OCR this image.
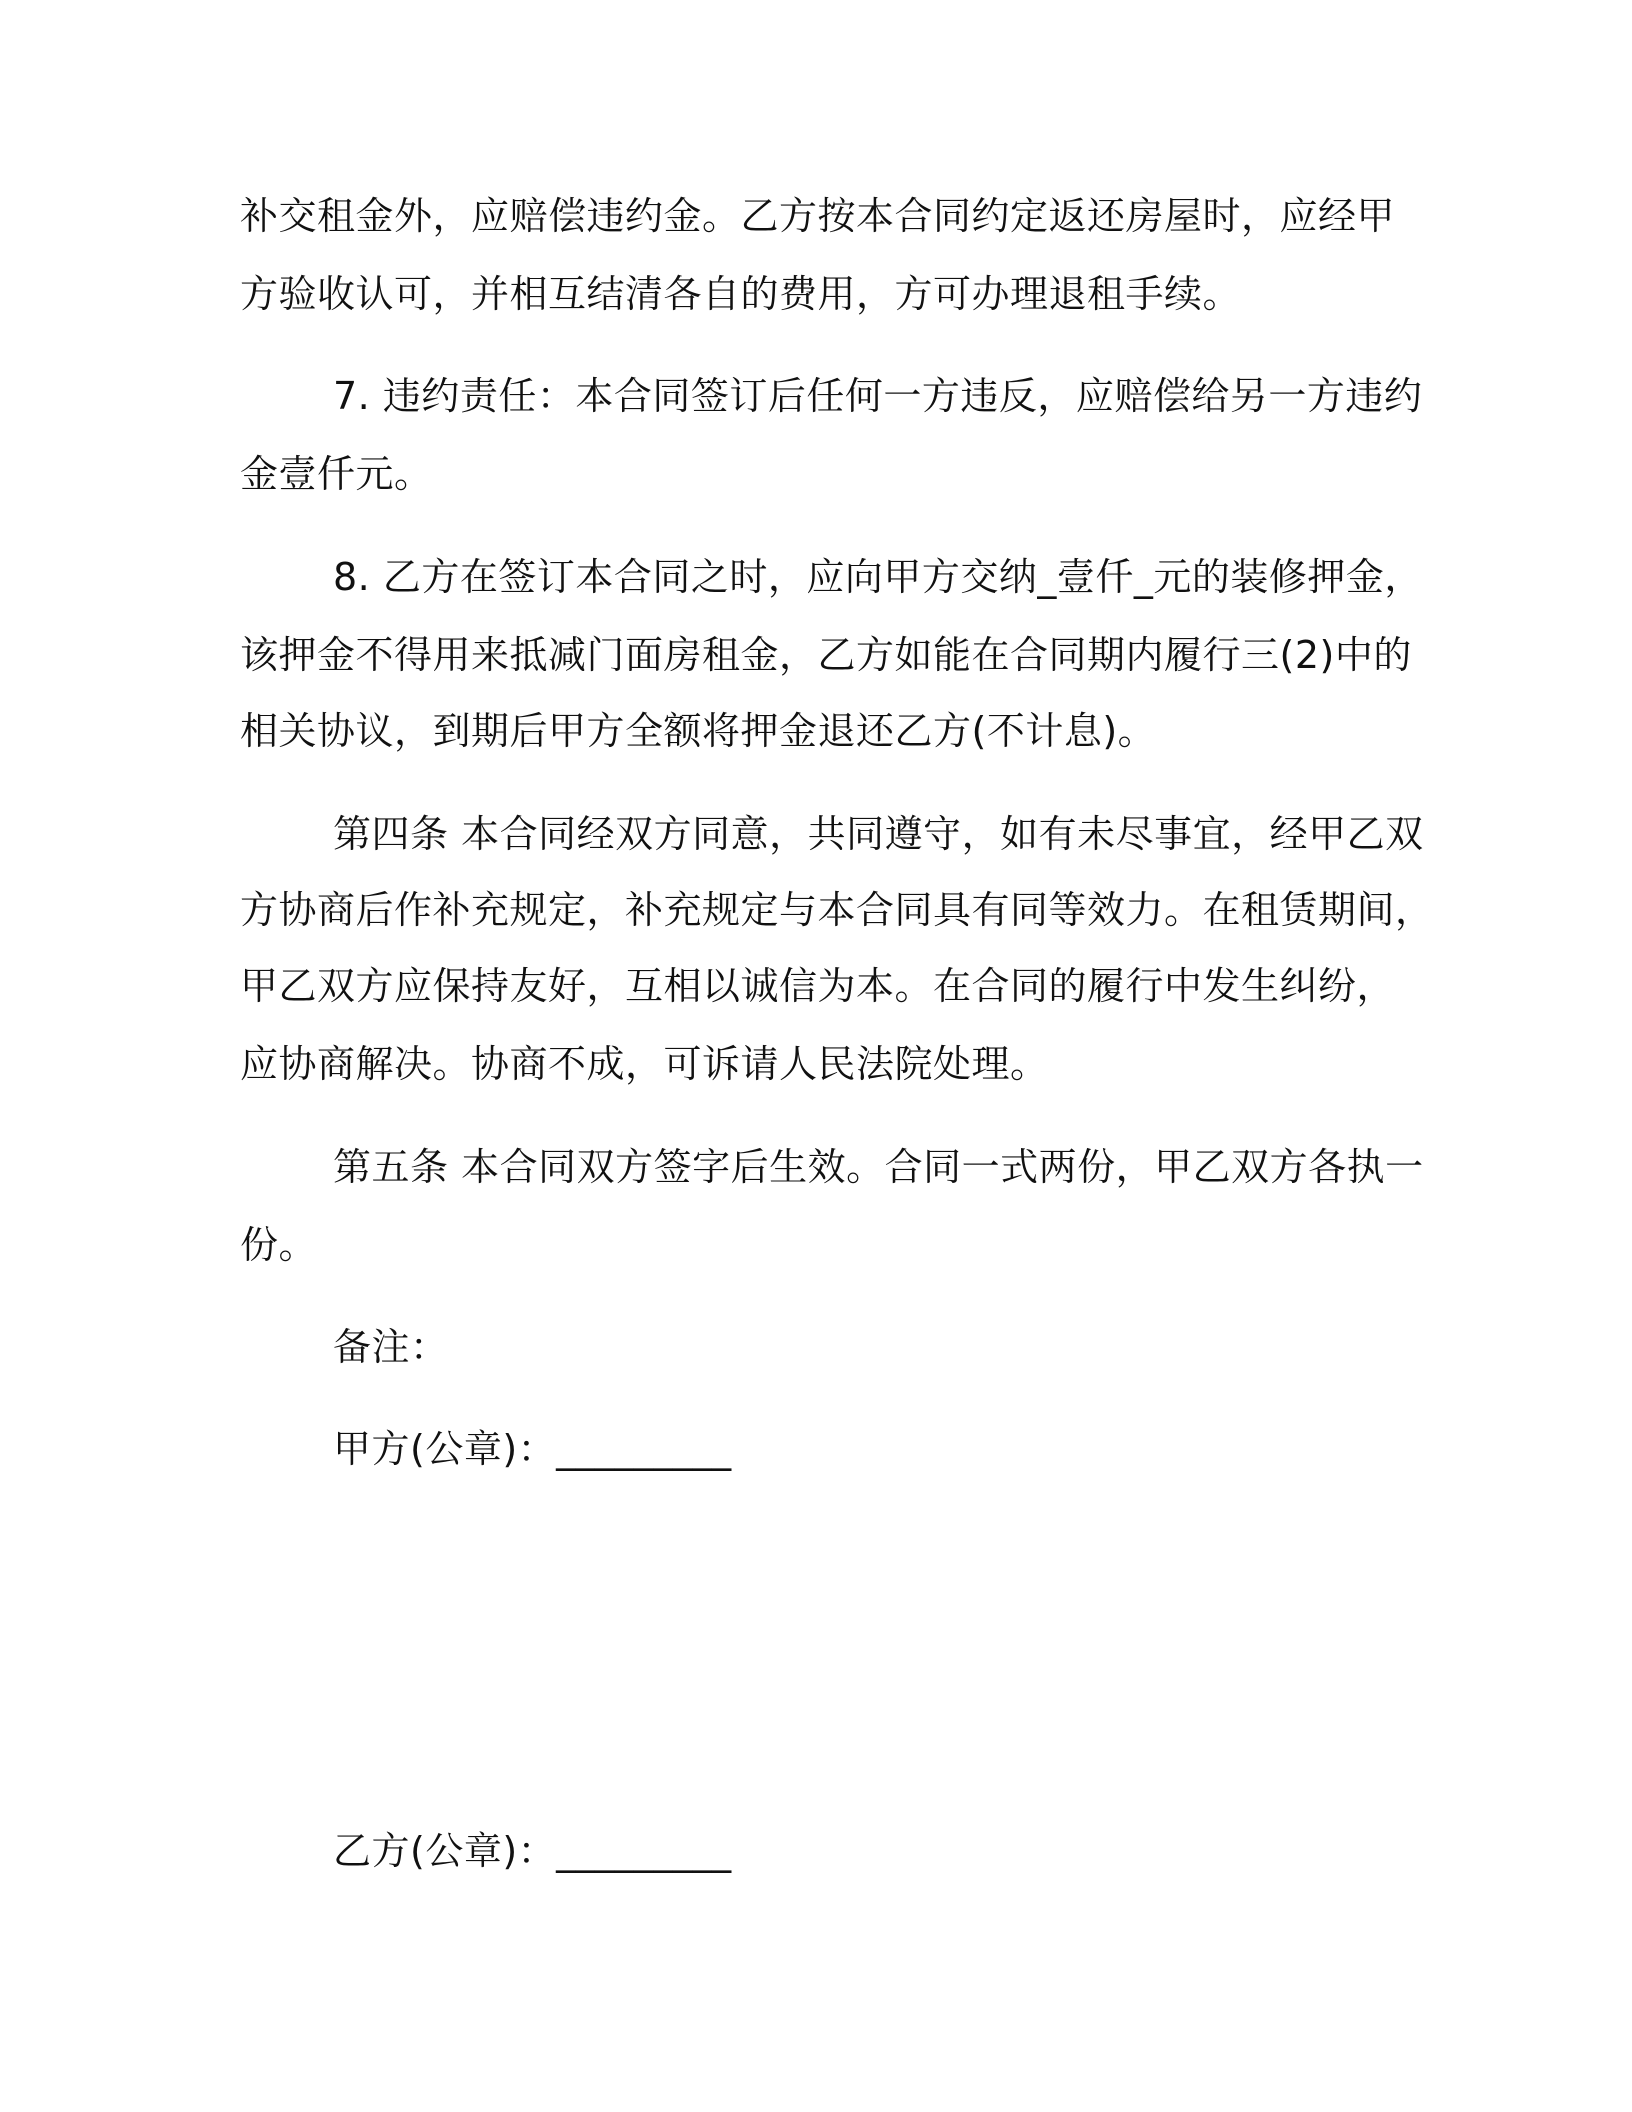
补交租金外，应赔偿违约金。乙方按本合同约定返还房屋时，应经甲
方验收认可，并相互结清各自的费用，方可办理退租手续。
7. 违约责任：本合同签订后任何一方违反，应赔偿给另一方违约
金壹仟元。
8. 乙方在签订本合同之时，应向甲方交纳_壹仟_元的装修押金，
该押金不得用来抵减门面房租金，乙方如能在合同期内履行三(2)中的
相关协议，到期后甲方全额将押金退还乙方(不计息)。
第四条 本合同经双方同意，共同遵守，如有未尽事宜，经甲乙双
方协商后作补充规定，补充规定与本合同具有同等效力。在租赁期间，
甲乙双方应保持友好，互相以诚信为本。在合同的履行中发生纠纷，
应协商解决。协商不成，可诉请人民法院处理。
第五条 本合同双方签字后生效。合同一式两份，甲乙双方各执一
份。
备注：
甲方(公章)：_________
乙方(公章)：_________
